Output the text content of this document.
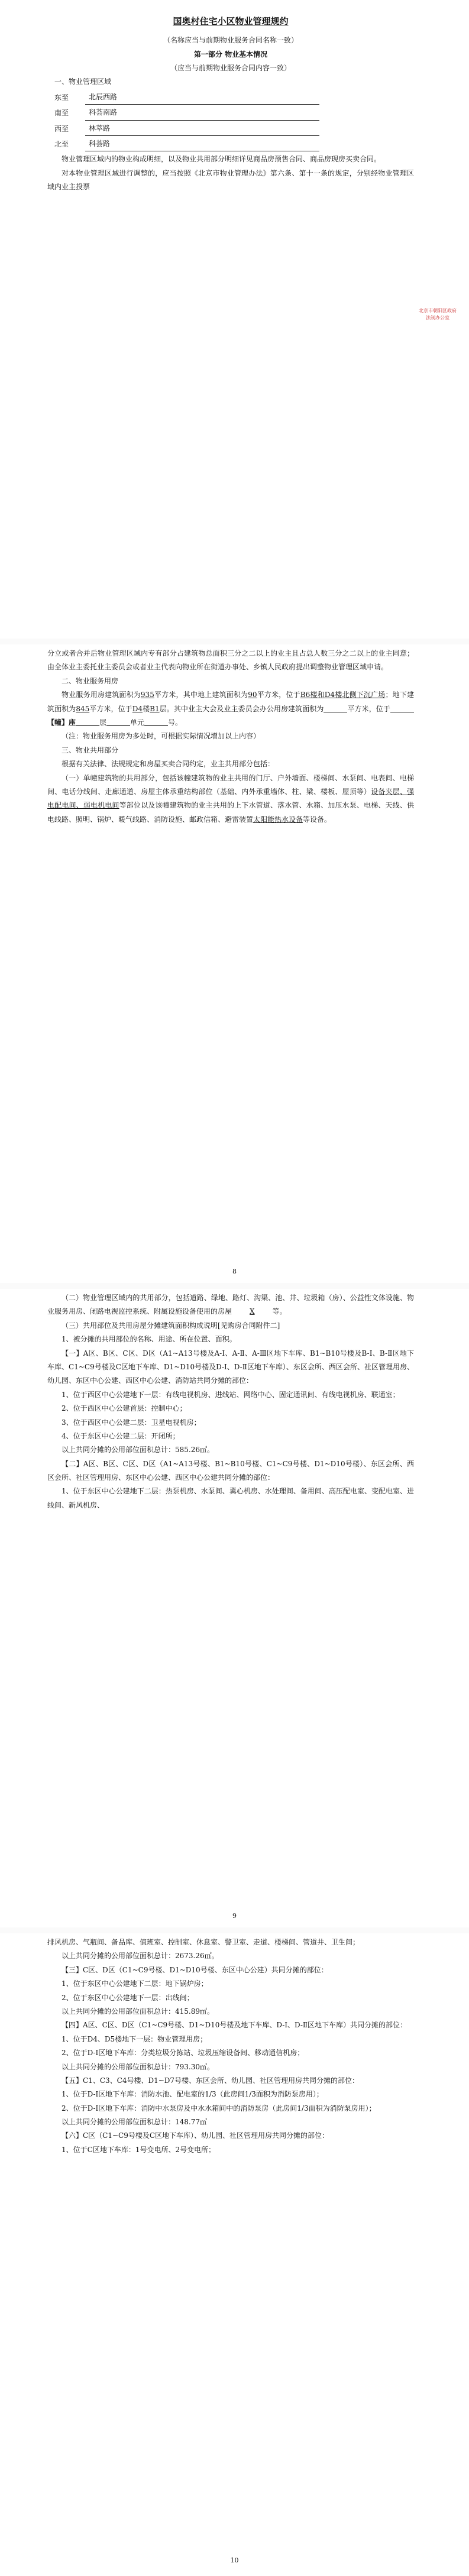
国奥村住宅小区物业管理规约
（名称应当与前期物业服务合同名称一致）
第一部分 物业基本情况
（应当与前期物业服务合同内容一致）

一、物业管理区域

东至	北辰西路
南至	科荟南路
西至	林萃路
北至	科荟路

物业管理区域内的物业构成明细，以及物业共用部分明细详见商品房预售合同、商品房现房买卖合同。

对本物业管理区域进行调整的，应当按照《北京市物业管理办法》第六条、第十一条的规定，分别经物业管理区域内业主投票

北京市朝阳区政府法制办公室

分立或者合并后物业管理区域内专有部分占建筑物总面积三分之二以上的业主且占总人数三分之二以上的业主同意；由全体业主委托业主委员会或者业主代表向物业所在街道办事处、乡镇人民政府提出调整物业管理区域申请。

二、物业服务用房

物业服务用房建筑面积为935平方米，其中地上建筑面积为90平方米，位于B6楼和D4楼北侧下沉广场；地下建筑面积为845平方米，位于D4楼B1层。其中业主大会及业主委员会办公用房建筑面积为	平方米，位于【幢】座	层	单元	号。

（注：物业服务用房为多处时，可根据实际情况增加以上内容）

三、物业共用部分

根据有关法律、法规规定和房屋买卖合同约定，业主共用部分包括：

（一）单幢建筑物的共用部分，包括该幢建筑物的业主共用的门厅、户外墙面、楼梯间、水泵间、电表间、电梯间、电话分线间、走廊通道、房屋主体承重结构部位（基础、内外承重墙体、柱、梁、楼板、屋顶等）设备夹层、强电配电间、弱电机电间等部位以及该幢建筑物的业主共用的上下水管道、落水管、水箱、加压水泵、电梯、天线、供电线路、照明、锅炉、暖气线路、消防设施、邮政信箱、避雷装置太阳能热水设备等设备。

8

（二）物业管理区域内的共用部分，包括道路、绿地、路灯、沟渠、池、井、垃圾箱（房）、公益性文体设施、物业服务用房、闭路电视监控系统、附属设施设备使用的房屋	X	等。

（三）共用部位及共用房屋分摊建筑面积构成说明[见购房合同附件二]

1、被分摊的共用部位的名称、用途、所在位置、面积。

【一】A区、B区、C区、D区（A1~A13号楼及A-Ⅰ、A-Ⅱ、A-Ⅲ区地下车库、B1~B10号楼及B-Ⅰ、B-Ⅱ区地下车库、C1~C9号楼及C区地下车库、D1~D10号楼及D-Ⅰ、D-Ⅱ区地下车库）、东区会所、西区会所、社区管理用房、幼儿园、东区中心公建、西区中心公建、消防站共同分摊的部位：

1、位于西区中心公建地下一层：有线电视机房、进线站、网络中心、固定通讯间、有线电视机房、联通室；

2、位于西区中心公建首层：控制中心；

3、位于西区中心公建二层：卫星电视机房；

4、位于东区中心公建二层：开闭所；

以上共同分摊的公用部位面积总计：585.26㎡。

【二】A区、B区、C区、D区（A1~A13号楼、B1~B10号楼、C1~C9号楼、D1~D10号楼）、东区会所、西区会所、社区管理用房、东区中心公建、西区中心公建共同分摊的部位：

1、位于东区中心公建地下二层：热泵机房、水泵间、冀心机房、水处理间、备用间、高压配电室、变配电室、进线间、新风机房、

9

排风机房、气瓶间、备品库、值班室、控制室、休息室、警卫室、走道、楼梯间、管道井、卫生间；

以上共同分摊的公用部位面积总计：2673.26㎡。

【三】C区、D区（C1~C9号楼、D1~D10号楼、东区中心公建）共同分摊的部位：

1、位于东区中心公建地下二层：地下锅炉房；

2、位于东区中心公建地下一层：出线间；

以上共同分摊的公用部位面积总计：415.89㎡。

【四】A区、C区、D区（C1~C9号楼、D1~D10号楼及地下车库、D-Ⅰ、D-Ⅱ区地下车库）共同分摊的部位：

1、位于D4、D5楼地下一层：物业管理用房；

2、位于D-Ⅰ区地下车库：分类垃圾分拣站、垃圾压缩设备间、移动通信机房；

以上共同分摊的公用部位面积总计：793.30㎡。

【五】C1、C3、C4号楼、D1~D7号楼、东区会所、幼儿园、社区管理用房共同分摊的部位：

1、位于D-Ⅰ区地下车库：消防水池、配电室的1/3（此房间1/3面积为消防泵房用）；

2、位于D-Ⅰ区地下车库：消防中水泵房及中水水箱间中的消防泵房（此房间1/3面积为消防泵房用）；

以上共同分摊的公用部位面积总计：148.77㎡

【六】C区（C1~C9号楼及C区地下车库）、幼儿园、社区管理用房共同分摊的部位：

1、位于C区地下车库：1号变电所、2号变电所；

10
